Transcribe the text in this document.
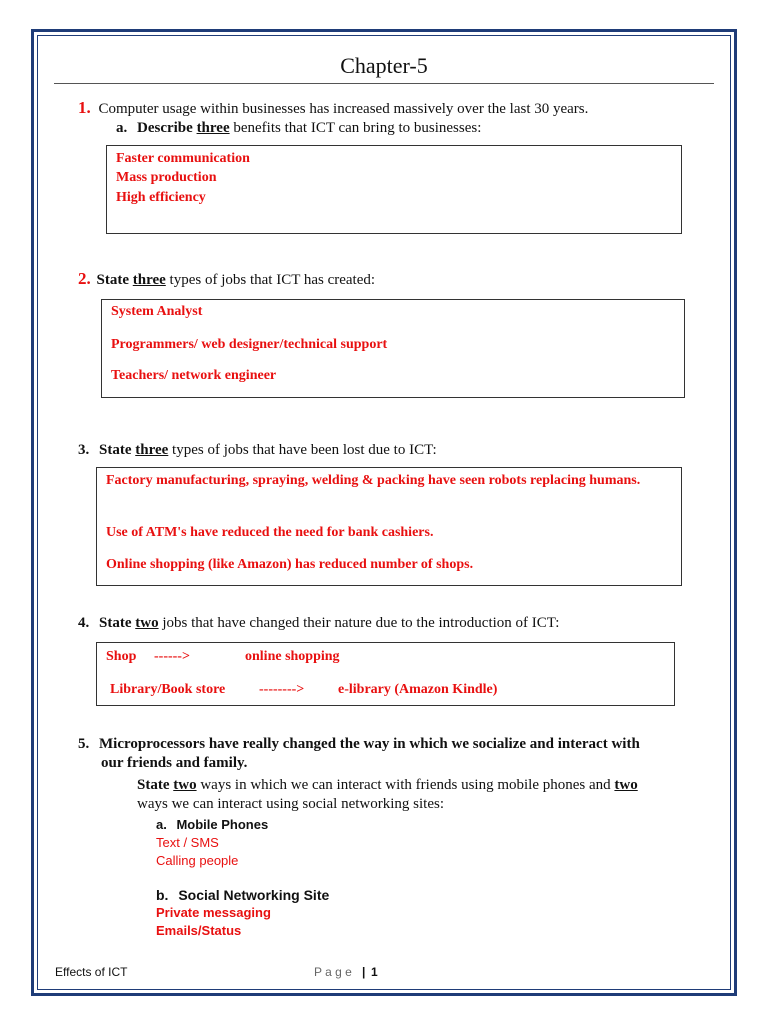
Chapter-5
1. Computer usage within businesses has increased massively over the last 30 years.
a. Describe three benefits that ICT can bring to businesses:
Faster communication
Mass production
High efficiency
2. State three types of jobs that ICT has created:
System Analyst
Programmers/ web designer/technical support
Teachers/ network engineer
3. State three types of jobs that have been lost due to ICT:
Factory manufacturing, spraying, welding & packing have seen robots replacing humans.
Use of ATM's have reduced the need for bank cashiers.
Online shopping (like Amazon) has reduced number of shops.
4. State two jobs that have changed their nature due to the introduction of ICT:
Shop ------>	online shopping
Library/Book store --------> e-library (Amazon Kindle)
5. Microprocessors have really changed the way in which we socialize and interact with
our friends and family.
State two ways in which we can interact with friends using mobile phones and two
ways we can interact using social networking sites:
a. Mobile Phones
Text / SMS
Calling people
b. Social Networking Site
Private messaging
Emails/Status
Effects of ICT	P a g e | 1
